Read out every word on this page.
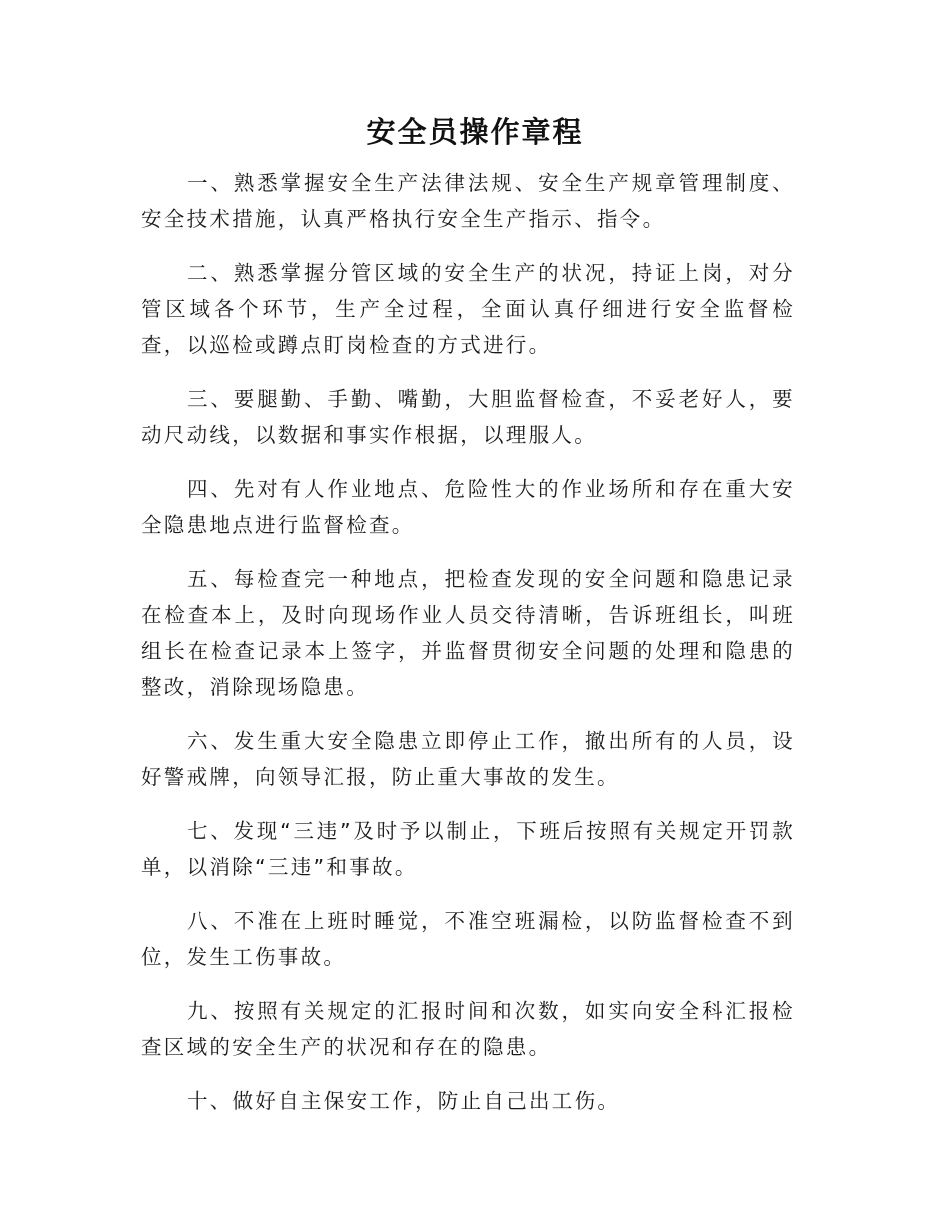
安全员操作章程

一、熟悉掌握安全生产法律法规、安全生产规章管理制度、安全技术措施，认真严格执行安全生产指示、指令。

二、熟悉掌握分管区域的安全生产的状况，持证上岗，对分管区域各个环节，生产全过程，全面认真仔细进行安全监督检查，以巡检或蹲点盯岗检查的方式进行。

三、要腿勤、手勤、嘴勤，大胆监督检查，不妥老好人，要动尺动线，以数据和事实作根据，以理服人。

四、先对有人作业地点、危险性大的作业场所和存在重大安全隐患地点进行监督检查。

五、每检查完一种地点，把检查发现的安全问题和隐患记录在检查本上，及时向现场作业人员交待清晰，告诉班组长，叫班组长在检查记录本上签字，并监督贯彻安全问题的处理和隐患的整改，消除现场隐患。

六、发生重大安全隐患立即停止工作，撤出所有的人员，设好警戒牌，向领导汇报，防止重大事故的发生。

七、发现“三违”及时予以制止，下班后按照有关规定开罚款单，以消除“三违”和事故。

八、不准在上班时睡觉，不准空班漏检，以防监督检查不到位，发生工伤事故。

九、按照有关规定的汇报时间和次数，如实向安全科汇报检查区域的安全生产的状况和存在的隐患。

十、做好自主保安工作，防止自己出工伤。
